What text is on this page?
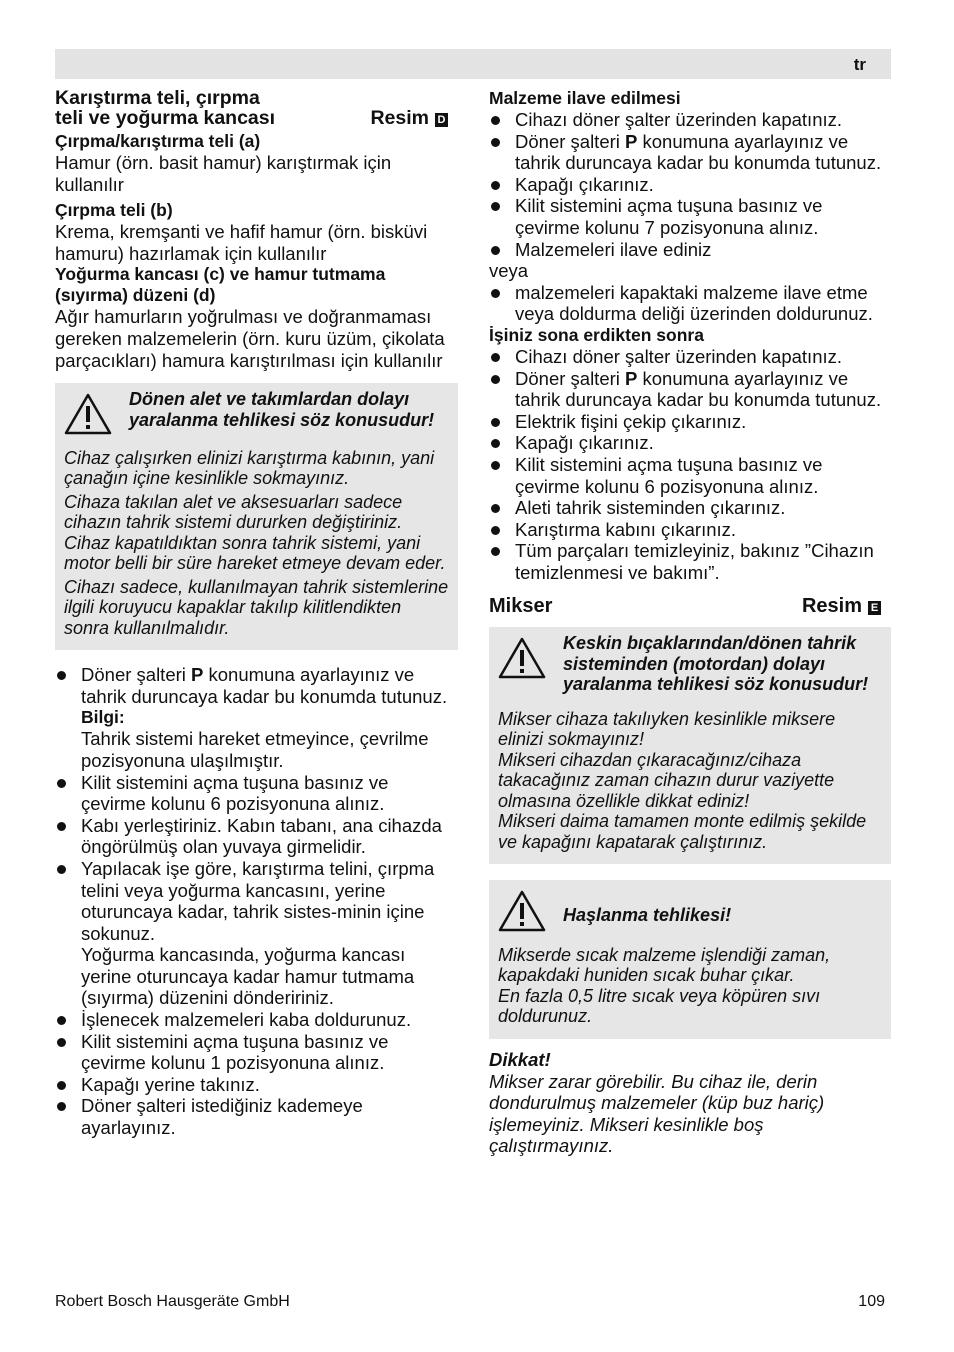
tr
Karıştırma teli, çırpma
teli ve yoğurma kancası	Resim D

Çırpma/karıştırma teli (a)

Hamur (örn. basit hamur) karıştırmak için kullanılır

Çırpma teli (b)

Krema, kremşanti ve hafif hamur (örn. bisküvi hamuru) hazırlamak için kullanılır

Yoğurma kancası (c) ve hamur tutmama (sıyırma) düzeni (d)

Ağır hamurların yoğrulması ve doğranmaması gereken malzemelerin (örn. kuru üzüm, çikolata parçacıkları) hamura karıştırılması için kullanılır

Dönen alet ve takımlardan dolayı yaralanma tehlikesi söz konusudur!

Cihaz çalışırken elinizi karıştırma kabının, yani çanağın içine kesinlikle sokmayınız.

Cihaza takılan alet ve aksesuarları sadece cihazın tahrik sistemi dururken değiştiriniz.

Cihaz kapatıldıktan sonra tahrik sistemi, yani motor belli bir süre hareket etmeye devam eder.

Cihazı sadece, kullanılmayan tahrik sistemlerine ilgili koruyucu kapaklar takılıp kilitlendikten sonra kullanılmalıdır.

Döner şalteri P konumuna ayarlayınız ve tahrik duruncaya kadar bu konumda tutunuz.
Bilgi:
Tahrik sistemi hareket etmeyince, çevrilme pozisyonuna ulaşılmıştır.
Kilit sistemini açma tuşuna basınız ve çevirme kolunu 6 pozisyonuna alınız.
Kabı yerleştiriniz. Kabın tabanı, ana cihazda öngörülmüş olan yuvaya girmelidir.
Yapılacak işe göre, karıştırma telini, çırpma telini veya yoğurma kancasını, yerine oturuncaya kadar, tahrik sistes-minin içine sokunuz.
Yoğurma kancasında, yoğurma kancası yerine oturuncaya kadar hamur tutmama (sıyırma) düzenini döndeririniz.
İşlenecek malzemeleri kaba doldurunuz.
Kilit sistemini açma tuşuna basınız ve çevirme kolunu 1 pozisyonuna alınız.
Kapağı yerine takınız.
Döner şalteri istediğiniz kademeye ayarlayınız.

Malzeme ilave edilmesi

Cihazı döner şalter üzerinden kapatınız.
Döner şalteri P konumuna ayarlayınız ve tahrik duruncaya kadar bu konumda tutunuz.
Kapağı çıkarınız.
Kilit sistemini açma tuşuna basınız ve çevirme kolunu 7 pozisyonuna alınız.
Malzemeleri ilave ediniz

veya

malzemeleri kapaktaki malzeme ilave etme veya doldurma deliği üzerinden doldurunuz.

İşiniz sona erdikten sonra

Cihazı döner şalter üzerinden kapatınız.
Döner şalteri P konumuna ayarlayınız ve tahrik duruncaya kadar bu konumda tutunuz.
Elektrik fişini çekip çıkarınız.
Kapağı çıkarınız.
Kilit sistemini açma tuşuna basınız ve çevirme kolunu 6 pozisyonuna alınız.
Aleti tahrik sisteminden çıkarınız.
Karıştırma kabını çıkarınız.
Tüm parçaları temizleyiniz, bakınız ”Cihazın temizlenmesi ve bakımı”.
Mikser	Resim E
Keskin bıçaklarından/dönen tahrik sisteminden (motordan) dolayı yaralanma tehlikesi söz konusudur!

Mikser cihaza takılıyken kesinlikle miksere elinizi sokmayınız!

Mikseri cihazdan çıkaracağınız/cihaza takacağınız zaman cihazın durur vaziyette olmasına özellikle dikkat ediniz!

Mikseri daima tamamen monte edilmiş şekilde ve kapağını kapatarak çalıştırınız.

Haşlanma tehlikesi!

Mikserde sıcak malzeme işlendiği zaman, kapakdaki huniden sıcak buhar çıkar.

En fazla 0,5 litre sıcak veya köpüren sıvı doldurunuz.

Dikkat!

Mikser zarar görebilir. Bu cihaz ile, derin dondurulmuş malzemeler (küp buz hariç) işlemeyiniz. Mikseri kesinlikle boş çalıştırmayınız.

Robert Bosch Hausgeräte GmbH	109
